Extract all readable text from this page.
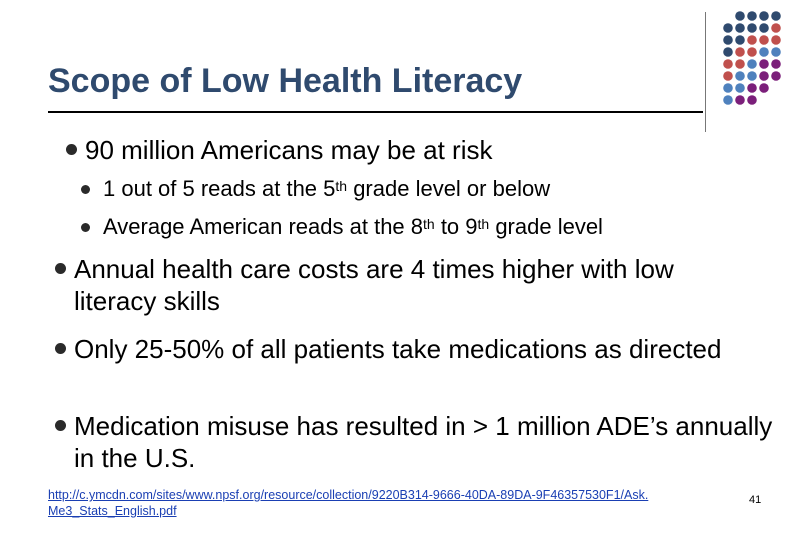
Scope of Low Health Literacy
90 million Americans may be at risk
1 out of 5 reads at the 5th grade level or below
Average American reads at the 8th to 9th grade level
Annual health care costs are 4 times higher with low literacy skills
Only 25-50% of all patients take medications as directed
Medication misuse has resulted in > 1 million ADE’s annually in the U.S.
http://c.ymcdn.com/sites/www.npsf.org/resource/collection/9220B314-9666-40DA-89DA-9F46357530F1/Ask.Me3_Stats_English.pdf
41
